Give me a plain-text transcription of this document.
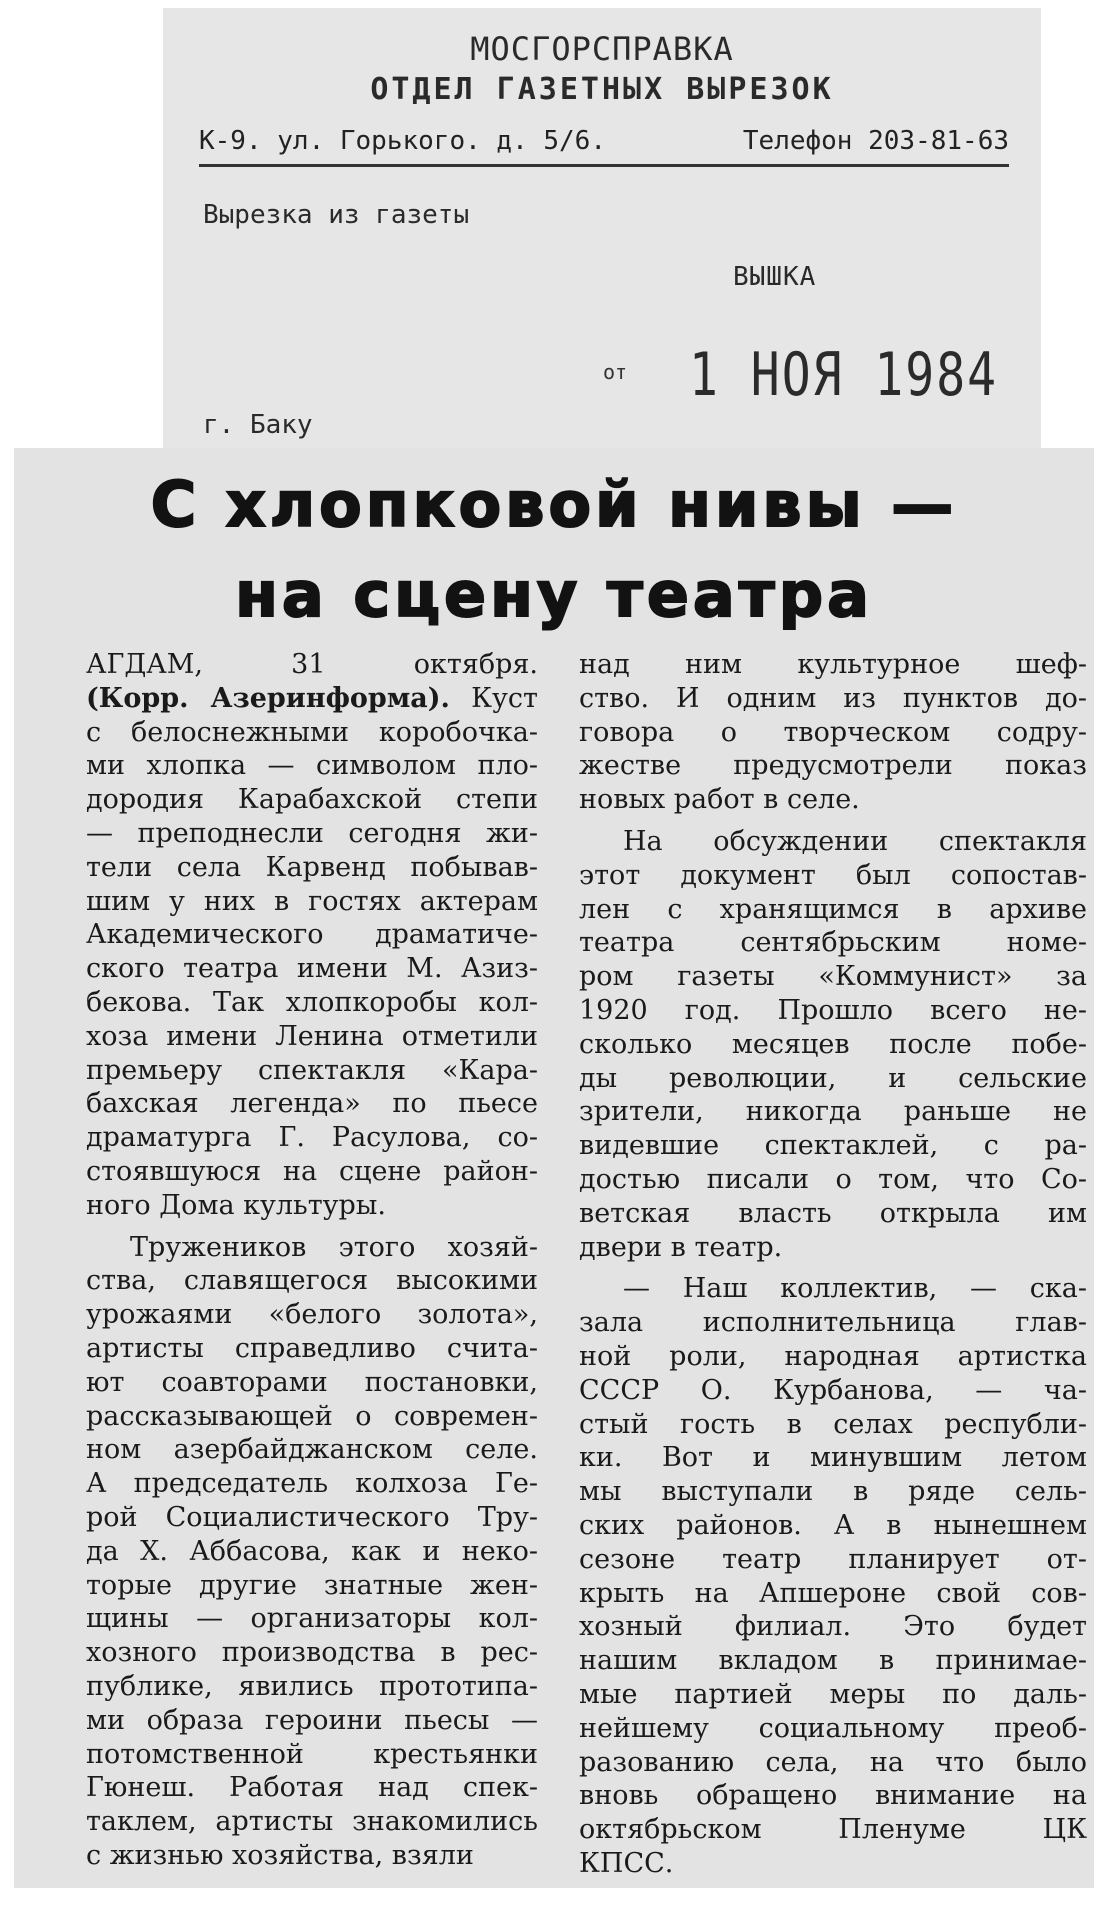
МОСГОРСПРАВКА
ОТДЕЛ ГАЗЕТНЫХ ВЫРЕЗОК
К-9. ул. Горького. д. 5/6.	Телефон 203-81-63
Вырезка из газеты
ВЫШКА
от 1 НОЯ 1984
г. Баку
С хлопковой нивы —
на сцену театра
АГДАМ, 31 октября.
(Корр. Азеринформа). Куст
с белоснежными коробочка-
ми хлопка — символом пло-
дородия Карабахской степи
— преподнесли сегодня жи-
тели села Карвенд побывав-
шим у них в гостях актерам
Академического драматиче-
ского театра имени М. Азиз-
бекова. Так хлопкоробы кол-
хоза имени Ленина отметили
премьеру спектакля «Кара-
бахская легенда» по пьесе
драматурга Г. Расулова, со-
стоявшуюся на сцене район-
ного Дома культуры.
Тружеников этого хозяй-
ства, славящегося высокими
урожаями «белого золота»,
артисты справедливо счита-
ют соавторами постановки,
рассказывающей о современ-
ном азербайджанском селе.
А председатель колхоза Ге-
рой Социалистического Тру-
да Х. Аббасова, как и неко-
торые другие знатные жен-
щины — организаторы кол-
хозного производства в рес-
публике, явились прототипа-
ми образа героини пьесы —
потомственной крестьянки
Гюнеш. Работая над спек-
таклем, артисты знакомились
с жизнью хозяйства, взяли
над ним культурное шеф-
ство. И одним из пунктов до-
говора о творческом содру-
жестве предусмотрели показ
новых работ в селе.
На обсуждении спектакля
этот документ был сопостав-
лен с хранящимся в архиве
театра сентябрьским номе-
ром газеты «Коммунист» за
1920 год. Прошло всего не-
сколько месяцев после побе-
ды революции, и сельские
зрители, никогда раньше не
видевшие спектаклей, с ра-
достью писали о том, что Со-
ветская власть открыла им
двери в театр.
— Наш коллектив, — ска-
зала исполнительница глав-
ной роли, народная артистка
СССР О. Курбанова, — ча-
стый гость в селах республи-
ки. Вот и минувшим летом
мы выступали в ряде сель-
ских районов. А в нынешнем
сезоне театр планирует от-
крыть на Апшероне свой сов-
хозный филиал. Это будет
нашим вкладом в принимае-
мые партией меры по даль-
нейшему социальному преоб-
разованию села, на что было
вновь обращено внимание на
октябрьском Пленуме ЦК
КПСС.
